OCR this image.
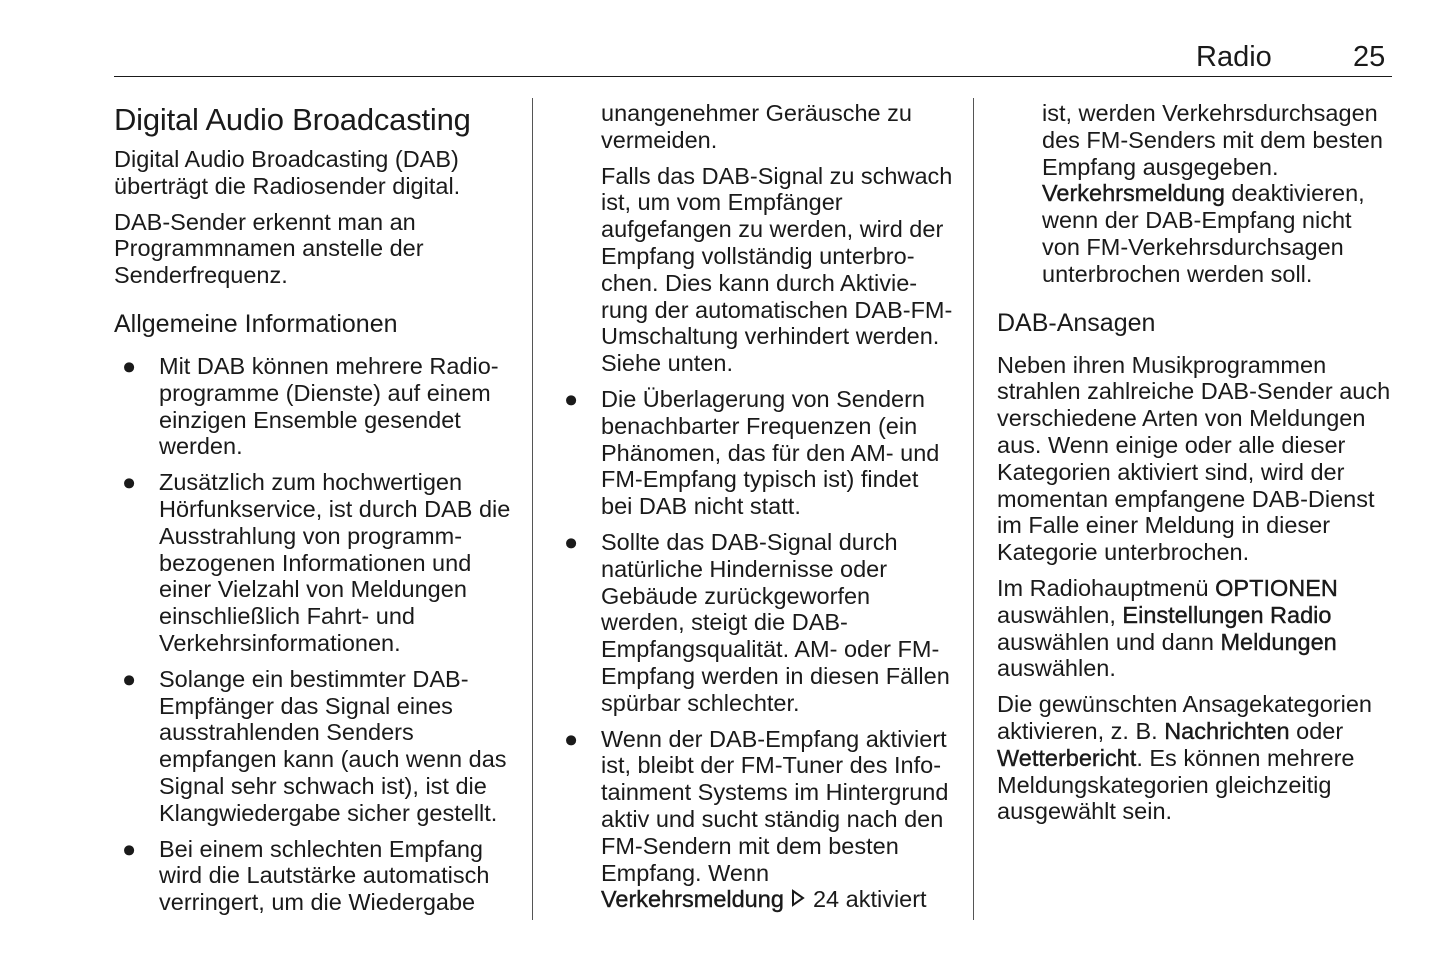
Radio	25
Digital Audio Broadcasting

Digital Audio Broadcasting (DAB) überträgt die Radiosender digital.

DAB-Sender erkennt man an Programmnamen anstelle der Senderfrequenz.

Allgemeine Informationen
● Mit DAB können mehrere Radioprogramme (Dienste) auf einem einzigen Ensemble gesendet werden.
● Zusätzlich zum hochwertigen Hörfunkservice, ist durch DAB die Ausstrahlung von programmbezogenen Informationen und einer Vielzahl von Meldungen einschließlich Fahrt- und Verkehrsinformationen.
● Solange ein bestimmter DAB-Empfänger das Signal eines ausstrahlenden Senders empfangen kann (auch wenn das Signal sehr schwach ist), ist die Klangwiedergabe sicher gestellt.
● Bei einem schlechten Empfang wird die Lautstärke automatisch verringert, um die Wiedergabe

unangenehmer Geräusche zu vermeiden.

Falls das DAB-Signal zu schwach ist, um vom Empfänger aufgefangen zu werden, wird der Empfang vollständig unterbrochen. Dies kann durch Aktivierung der automatischen DAB-FM-Umschaltung verhindert werden. Siehe unten.

● Die Überlagerung von Sendern benachbarter Frequenzen (ein Phänomen, das für den AM- und FM-Empfang typisch ist) findet bei DAB nicht statt.
● Sollte das DAB-Signal durch natürliche Hindernisse oder Gebäude zurückgeworfen werden, steigt die DAB-Empfangsqualität. AM- oder FM-Empfang werden in diesen Fällen spürbar schlechter.
● Wenn der DAB-Empfang aktiviert ist, bleibt der FM-Tuner des Infotainment Systems im Hintergrund aktiv und sucht ständig nach den FM-Sendern mit dem besten Empfang. Wenn Verkehrsmeldung 24 aktiviert

ist, werden Verkehrsdurchsagen des FM-Senders mit dem besten Empfang ausgegeben.

Verkehrsmeldung deaktivieren, wenn der DAB-Empfang nicht von FM-Verkehrsdurchsagen unterbrochen werden soll.

DAB-Ansagen

Neben ihren Musikprogrammen strahlen zahlreiche DAB-Sender auch verschiedene Arten von Meldungen aus. Wenn einige oder alle dieser Kategorien aktiviert sind, wird der momentan empfangene DAB-Dienst im Falle einer Meldung in dieser Kategorie unterbrochen.

Im Radiohauptmenü OPTIONEN auswählen, Einstellungen Radio auswählen und dann Meldungen auswählen.

Die gewünschten Ansagekategorien aktivieren, z. B. Nachrichten oder Wetterbericht. Es können mehrere Meldungskategorien gleichzeitig ausgewählt sein.
